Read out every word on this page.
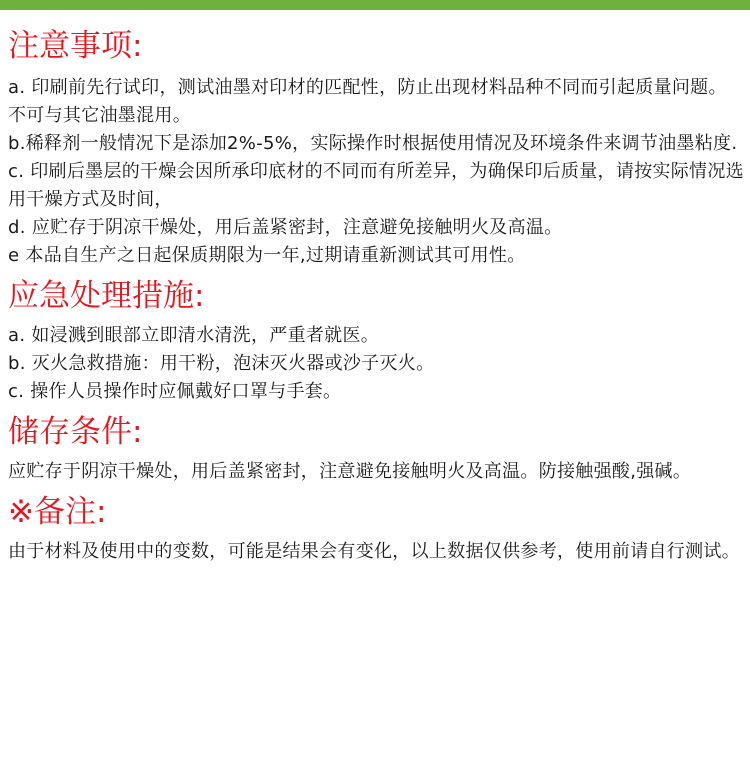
注意事项:

a. 印刷前先行试印，测试油墨对印材的匹配性，防止出现材料品种不同而引起质量问题。不可与其它油墨混用。

b.稀释剂一般情况下是添加2%-5%，实际操作时根据使用情况及环境条件来调节油墨粘度.

c. 印刷后墨层的干燥会因所承印底材的不同而有所差异，为确保印后质量，请按实际情况选用干燥方式及时间，

d. 应贮存于阴凉干燥处，用后盖紧密封，注意避免接触明火及高温。

e 本品自生产之日起保质期限为一年,过期请重新测试其可用性。

应急处理措施:

a. 如浸溅到眼部立即清水清洗，严重者就医。

b. 灭火急救措施：用干粉，泡沫灭火器或沙子灭火。

c. 操作人员操作时应佩戴好口罩与手套。

储存条件:

应贮存于阴凉干燥处，用后盖紧密封，注意避免接触明火及高温。防接触强酸,强碱。

※备注:

由于材料及使用中的变数，可能是结果会有变化，以上数据仅供参考，使用前请自行测试。
